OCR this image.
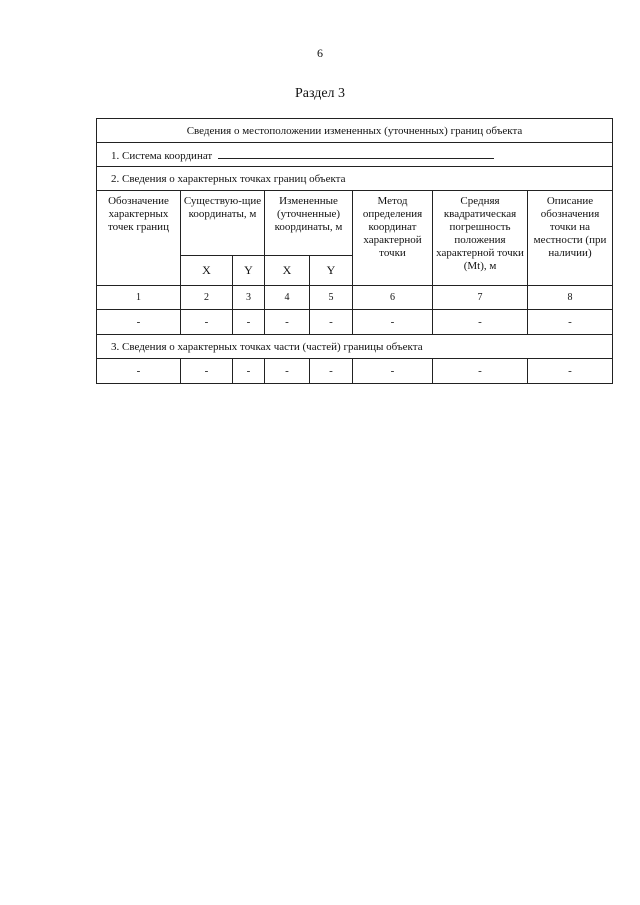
6
Раздел 3
Сведения о местоположении измененных (уточненных) границ объекта							
1. Система координат							
2. Сведения о характерных точках границ объекта							
Обозначение характерных точек границ	Существую-щие координаты, м		Измененные (уточненные) координаты, м		Метод определения координат характерной точки	Средняя квадратическая погрешность положения характерной точки (Mt), м	Описание обозначения точки на местности (при наличии)
	X	Y	X	Y			
1	2	3	4	5	6	7	8
-	-	-	-	-	-	-	-
3. Сведения о характерных точках части (частей) границы объекта							
-	-	-	-	-	-	-	-
